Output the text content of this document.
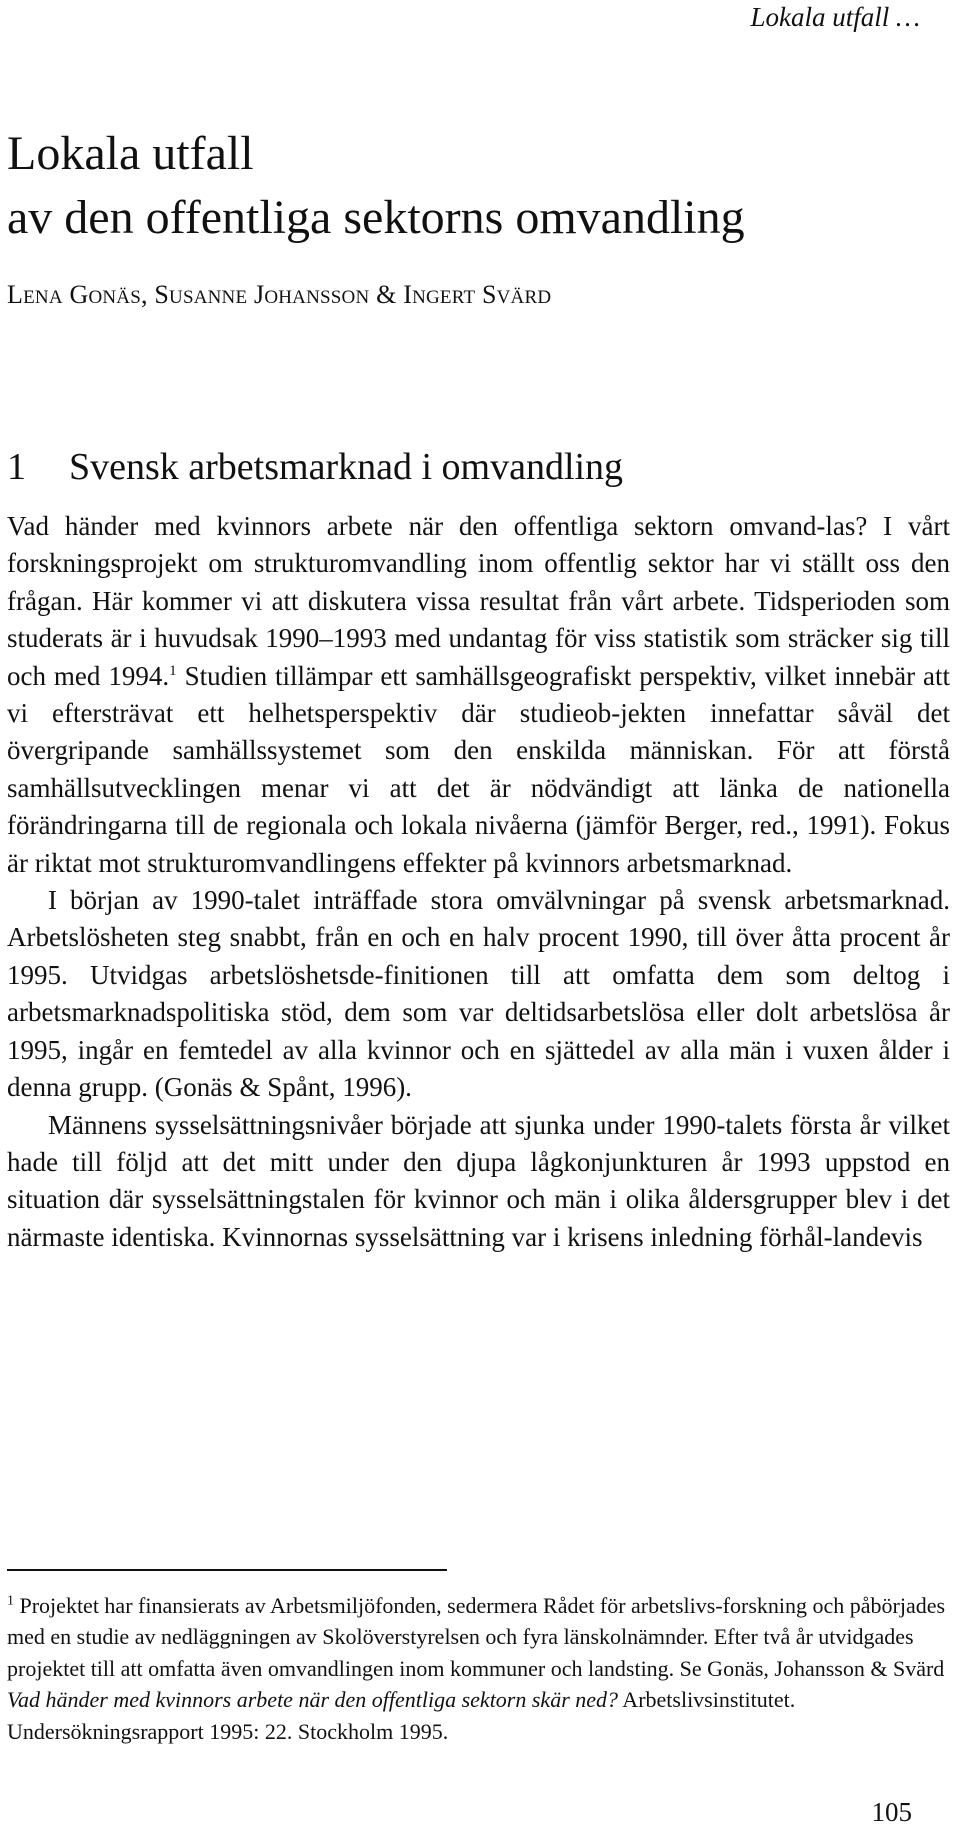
Lokala utfall …
Lokala utfall
av den offentliga sektorns omvandling
LENA GONÄS, SUSANNE JOHANSSON & INGERT SVÄRD
1 Svensk arbetsmarknad i omvandling

Vad händer med kvinnors arbete när den offentliga sektorn omvand-las? I vårt forskningsprojekt om strukturomvandling inom offentlig sektor har vi ställt oss den frågan. Här kommer vi att diskutera vissa resultat från vårt arbete. Tidsperioden som studerats är i huvudsak 1990–1993 med undantag för viss statistik som sträcker sig till och med 1994.$^1$ Studien tillämpar ett samhällsgeografiskt perspektiv, vilket innebär att vi eftersträvat ett helhetsperspektiv där studieob-jekten innefattar såväl det övergripande samhällssystemet som den enskilda människan. För att förstå samhällsutvecklingen menar vi att det är nödvändigt att länka de nationella förändringarna till de regionala och lokala nivåerna (jämför Berger, red., 1991). Fokus är riktat mot strukturomvandlingens effekter på kvinnors arbetsmarknad.

I början av 1990-talet inträffade stora omvälvningar på svensk arbetsmarknad. Arbetslösheten steg snabbt, från en och en halv procent 1990, till över åtta procent år 1995. Utvidgas arbetslöshetsde-finitionen till att omfatta dem som deltog i arbetsmarknadspolitiska stöd, dem som var deltidsarbetslösa eller dolt arbetslösa år 1995, ingår en femtedel av alla kvinnor och en sjättedel av alla män i vuxen ålder i denna grupp. (Gonäs & Spånt, 1996).

Männens sysselsättningsnivåer började att sjunka under 1990-talets första år vilket hade till följd att det mitt under den djupa lågkonjunkturen år 1993 uppstod en situation där sysselsättningstalen för kvinnor och män i olika åldersgrupper blev i det närmaste identiska. Kvinnornas sysselsättning var i krisens inledning förhål-landevis

$^1$ Projektet har finansierats av Arbetsmiljöfonden, sedermera Rådet för arbetslivs-forskning och påbörjades med en studie av nedläggningen av Skolöverstyrelsen och fyra länskolnämnder. Efter två år utvidgades projektet till att omfatta även omvandlingen inom kommuner och landsting. Se Gonäs, Johansson & Svärd Vad händer med kvinnors arbete när den offentliga sektorn skär ned? Arbetslivsinstitutet. Undersökningsrapport 1995: 22. Stockholm 1995.
105
